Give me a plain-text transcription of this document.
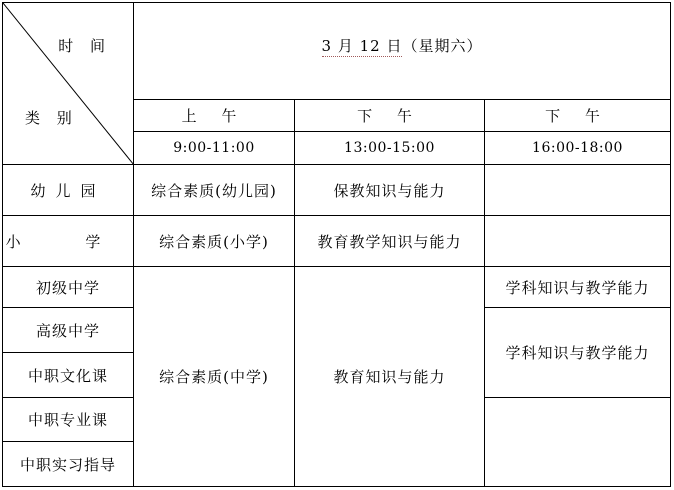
时 间
类 别	3 月 12 日（星期六）		
	上 午	下 午	下 午
	9:00-11:00	13:00-15:00	16:00-18:00
幼儿园	综合素质(幼儿园)	保教知识与能力	
小 学	综合素质(小学)	教育教学知识与能力	
初级中学	综合素质(中学)	教育知识与能力	学科知识与教学能力
高级中学			学科知识与教学能力
中职文化课			
中职专业课			
中职实习指导			
